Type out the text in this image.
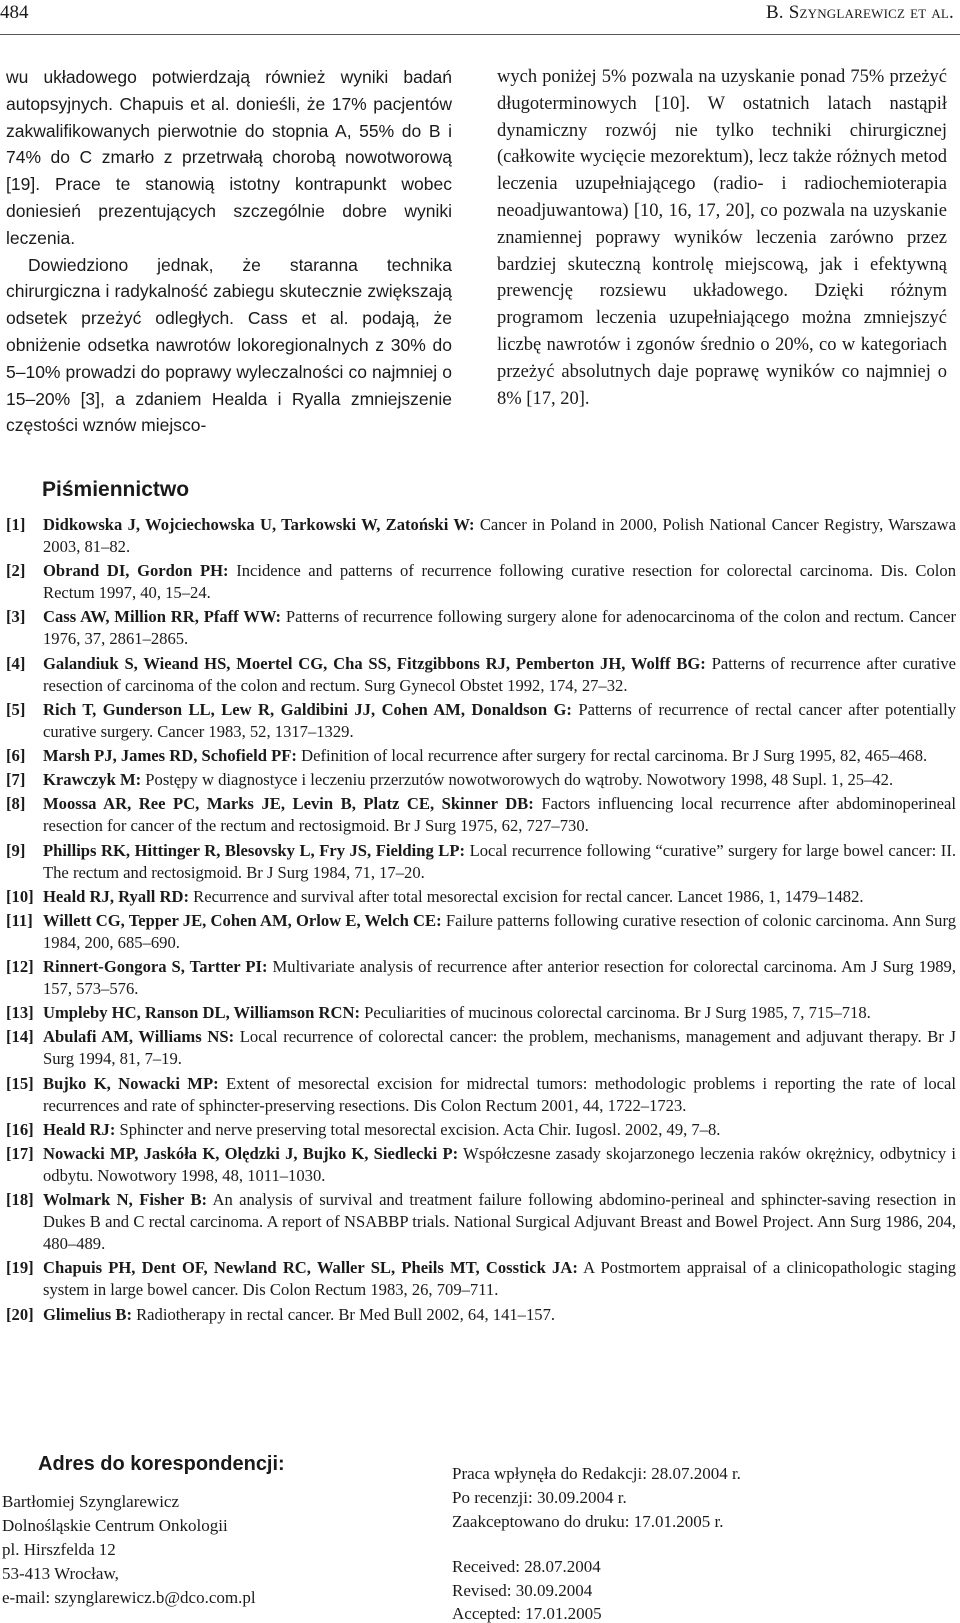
484	B. Szynglarewicz et al.

wu układowego potwierdzają również wyniki badań autopsyjnych. Chapuis et al. donieśli, że 17% pacjentów zakwalifikowanych pierwotnie do stopnia A, 55% do B i 74% do C zmarło z przetrwałą chorobą nowotworową [19]. Prace te stanowią istotny kontrapunkt wobec doniesień prezentujących szczególnie dobre wyniki leczenia.

Dowiedziono jednak, że staranna technika chirurgiczna i radykalność zabiegu skutecznie zwiększają odsetek przeżyć odległych. Cass et al. podają, że obniżenie odsetka nawrotów lokoregionalnych z 30% do 5–10% prowadzi do poprawy wyleczalności co najmniej o 15–20% [3], a zdaniem Healda i Ryalla zmniejszenie częstości wznów miejsco-

wych poniżej 5% pozwala na uzyskanie ponad 75% przeżyć długoterminowych [10]. W ostatnich latach nastąpił dynamiczny rozwój nie tylko techniki chirurgicznej (całkowite wycięcie mezorektum), lecz także różnych metod leczenia uzupełniającego (radio- i radiochemioterapia neoadjuwantowa) [10, 16, 17, 20], co pozwala na uzyskanie znamiennej poprawy wyników leczenia zarówno przez bardziej skuteczną kontrolę miejscową, jak i efektywną prewencję rozsiewu układowego. Dzięki różnym programom leczenia uzupełniającego można zmniejszyć liczbę nawrotów i zgonów średnio o 20%, co w kategoriach przeżyć absolutnych daje poprawę wyników co najmniej o 8% [17, 20].

Piśmiennictwo
[1]	Didkowska J, Wojciechowska U, Tarkowski W, Zatoński W: Cancer in Poland in 2000, Polish National Cancer Registry, Warszawa 2003, 81–82.
[2]	Obrand DI, Gordon PH: Incidence and patterns of recurrence following curative resection for colorectal carcinoma. Dis. Colon Rectum 1997, 40, 15–24.
[3]	Cass AW, Million RR, Pfaff WW: Patterns of recurrence following surgery alone for adenocarcinoma of the colon and rectum. Cancer 1976, 37, 2861–2865.
[4]	Galandiuk S, Wieand HS, Moertel CG, Cha SS, Fitzgibbons RJ, Pemberton JH, Wolff BG: Patterns of recurrence after curative resection of carcinoma of the colon and rectum. Surg Gynecol Obstet 1992, 174, 27–32.
[5]	Rich T, Gunderson LL, Lew R, Galdibini JJ, Cohen AM, Donaldson G: Patterns of recurrence of rectal cancer after potentially curative surgery. Cancer 1983, 52, 1317–1329.
[6]	Marsh PJ, James RD, Schofield PF: Definition of local recurrence after surgery for rectal carcinoma. Br J Surg 1995, 82, 465–468.
[7]	Krawczyk M: Postępy w diagnostyce i leczeniu przerzutów nowotworowych do wątroby. Nowotwory 1998, 48 Supl. 1, 25–42.
[8]	Moossa AR, Ree PC, Marks JE, Levin B, Platz CE, Skinner DB: Factors influencing local recurrence after abdominoperineal resection for cancer of the rectum and rectosigmoid. Br J Surg 1975, 62, 727–730.
[9]	Phillips RK, Hittinger R, Blesovsky L, Fry JS, Fielding LP: Local recurrence following “curative” surgery for large bowel cancer: II. The rectum and rectosigmoid. Br J Surg 1984, 71, 17–20.
[10] Heald RJ, Ryall RD: Recurrence and survival after total mesorectal excision for rectal cancer. Lancet 1986, 1, 1479–1482.
[11] Willett CG, Tepper JE, Cohen AM, Orlow E, Welch CE: Failure patterns following curative resection of colonic carcinoma. Ann Surg 1984, 200, 685–690.
[12] Rinnert-Gongora S, Tartter PI: Multivariate analysis of recurrence after anterior resection for colorectal carcinoma. Am J Surg 1989, 157, 573–576.
[13] Umpleby HC, Ranson DL, Williamson RCN: Peculiarities of mucinous colorectal carcinoma. Br J Surg 1985, 7, 715–718.
[14] Abulafi AM, Williams NS: Local recurrence of colorectal cancer: the problem, mechanisms, management and adjuvant therapy. Br J Surg 1994, 81, 7–19.
[15] Bujko K, Nowacki MP: Extent of mesorectal excision for midrectal tumors: methodologic problems i reporting the rate of local recurrences and rate of sphincter-preserving resections. Dis Colon Rectum 2001, 44, 1722–1723.
[16] Heald RJ: Sphincter and nerve preserving total mesorectal excision. Acta Chir. Iugosl. 2002, 49, 7–8.
[17] Nowacki MP, Jaskóła K, Olędzki J, Bujko K, Siedlecki P: Współczesne zasady skojarzonego leczenia raków okrężnicy, odbytnicy i odbytu. Nowotwory 1998, 48, 1011–1030.
[18] Wolmark N, Fisher B: An analysis of survival and treatment failure following abdomino-perineal and sphincter-saving resection in Dukes B and C rectal carcinoma. A report of NSABBP trials. National Surgical Adjuvant Breast and Bowel Project. Ann Surg 1986, 204, 480–489.
[19] Chapuis PH, Dent OF, Newland RC, Waller SL, Pheils MT, Cosstick JA: A Postmortem appraisal of a clinicopathologic staging system in large bowel cancer. Dis Colon Rectum 1983, 26, 709–711.
[20] Glimelius B: Radiotherapy in rectal cancer. Br Med Bull 2002, 64, 141–157.
Adres do korespondencji:
Bartłomiej Szynglarewicz
Dolnośląskie Centrum Onkologii
pl. Hirszfelda 12
53-413 Wrocław,
e-mail: szynglarewicz.b@dco.com.pl
Praca wpłynęła do Redakcji: 28.07.2004 r.
Po recenzji: 30.09.2004 r.
Zaakceptowano do druku: 17.01.2005 r.
Received: 28.07.2004
Revised: 30.09.2004
Accepted: 17.01.2005
